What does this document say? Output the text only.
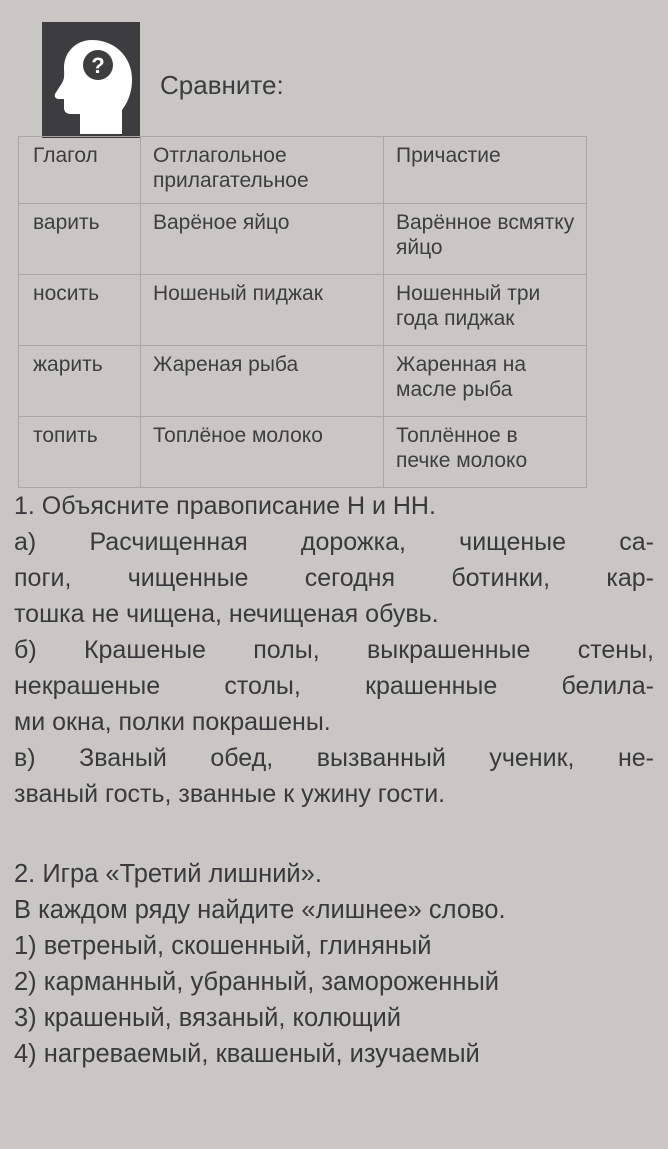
?
Сравните:
Глагол	Отглагольное прилагательное	Причастие
варить	Варёное яйцо	Варённое всмятку яйцо
носить	Ношеный пиджак	Ношенный три года пиджак
жарить	Жареная рыба	Жаренная на масле рыба
топить	Топлёное молоко	Топлённое в печке молоко

1. Объясните правописание Н и НН.

а) Расчищенная дорожка, чищеные са-

поги, чищенные сегодня ботинки, кар-

тошка не чищена, нечищеная обувь.

б) Крашеные полы, выкрашенные стены,

некрашеные столы, крашенные белила-

ми окна, полки покрашены.

в) Званый обед, вызванный ученик, не-

званый гость, званные к ужину гости.

2. Игра «Третий лишний».

В каждом ряду найдите «лишнее» слово.

1) ветреный, скошенный, глиняный

2) карманный, убранный, замороженный

3) крашеный, вязаный, колющий

4) нагреваемый, квашеный, изучаемый
